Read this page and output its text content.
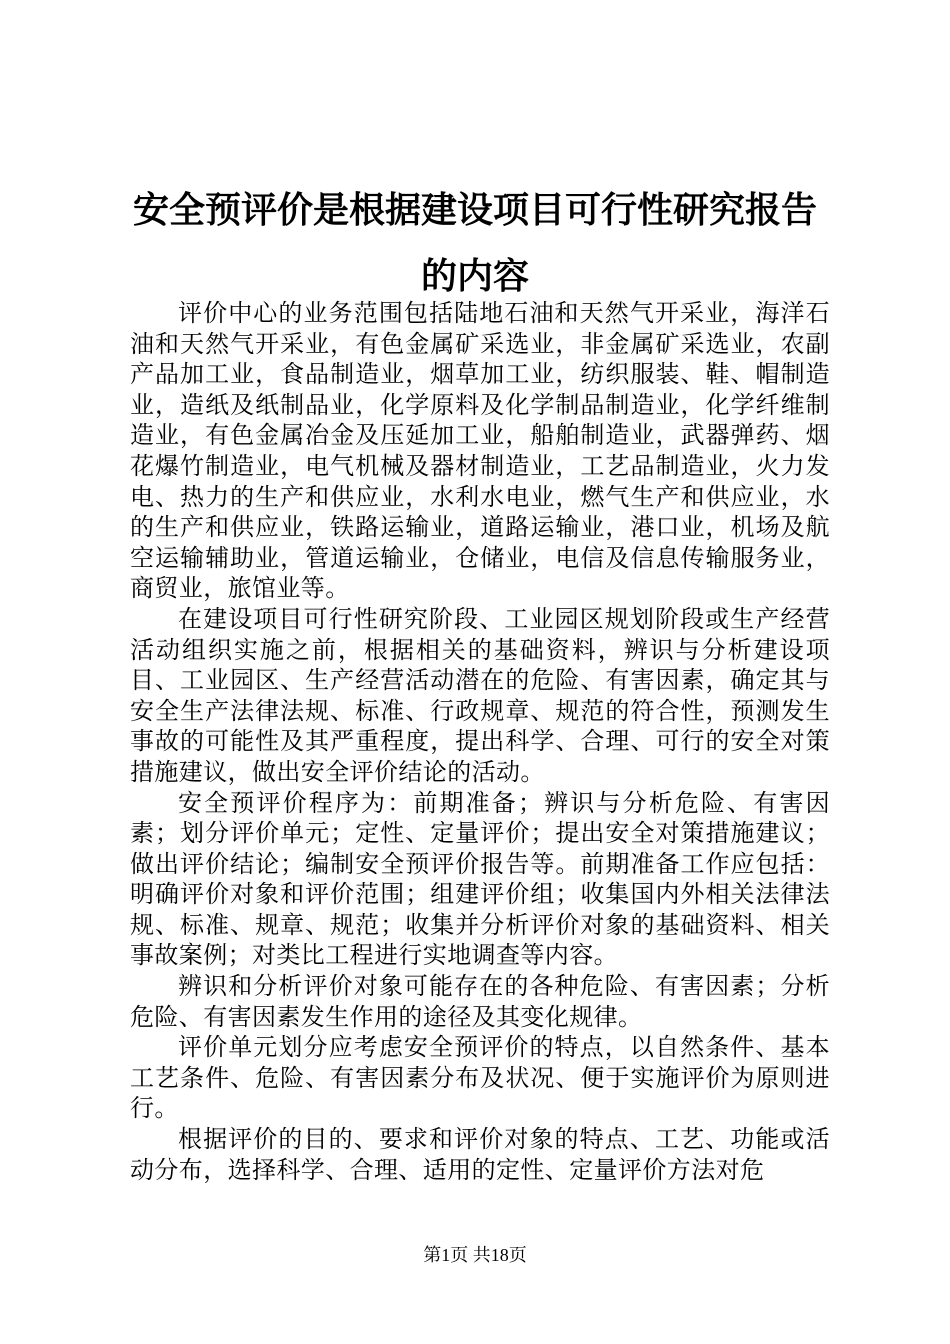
安全预评价是根据建设项目可行性研究报告的内容

评价中心的业务范围包括陆地石油和天然气开采业，海洋石油和天然气开采业，有色金属矿采选业，非金属矿采选业，农副产品加工业，食品制造业，烟草加工业，纺织服装、鞋、帽制造业，造纸及纸制品业，化学原料及化学制品制造业，化学纤维制造业，有色金属冶金及压延加工业，船舶制造业，武器弹药、烟花爆竹制造业，电气机械及器材制造业，工艺品制造业，火力发电、热力的生产和供应业，水利水电业，燃气生产和供应业，水的生产和供应业，铁路运输业，道路运输业，港口业，机场及航空运输辅助业，管道运输业，仓储业，电信及信息传输服务业，商贸业，旅馆业等。

在建设项目可行性研究阶段、工业园区规划阶段或生产经营活动组织实施之前，根据相关的基础资料，辨识与分析建设项目、工业园区、生产经营活动潜在的危险、有害因素，确定其与安全生产法律法规、标准、行政规章、规范的符合性，预测发生事故的可能性及其严重程度，提出科学、合理、可行的安全对策措施建议，做出安全评价结论的活动。

安全预评价程序为：前期准备；辨识与分析危险、有害因素；划分评价单元；定性、定量评价；提出安全对策措施建议；做出评价结论；编制安全预评价报告等。前期准备工作应包括：明确评价对象和评价范围；组建评价组；收集国内外相关法律法规、标准、规章、规范；收集并分析评价对象的基础资料、相关事故案例；对类比工程进行实地调查等内容。

辨识和分析评价对象可能存在的各种危险、有害因素；分析危险、有害因素发生作用的途径及其变化规律。

评价单元划分应考虑安全预评价的特点，以自然条件、基本工艺条件、危险、有害因素分布及状况、便于实施评价为原则进行。

根据评价的目的、要求和评价对象的特点、工艺、功能或活动分布，选择科学、合理、适用的定性、定量评价方法对危

第1页 共18页
